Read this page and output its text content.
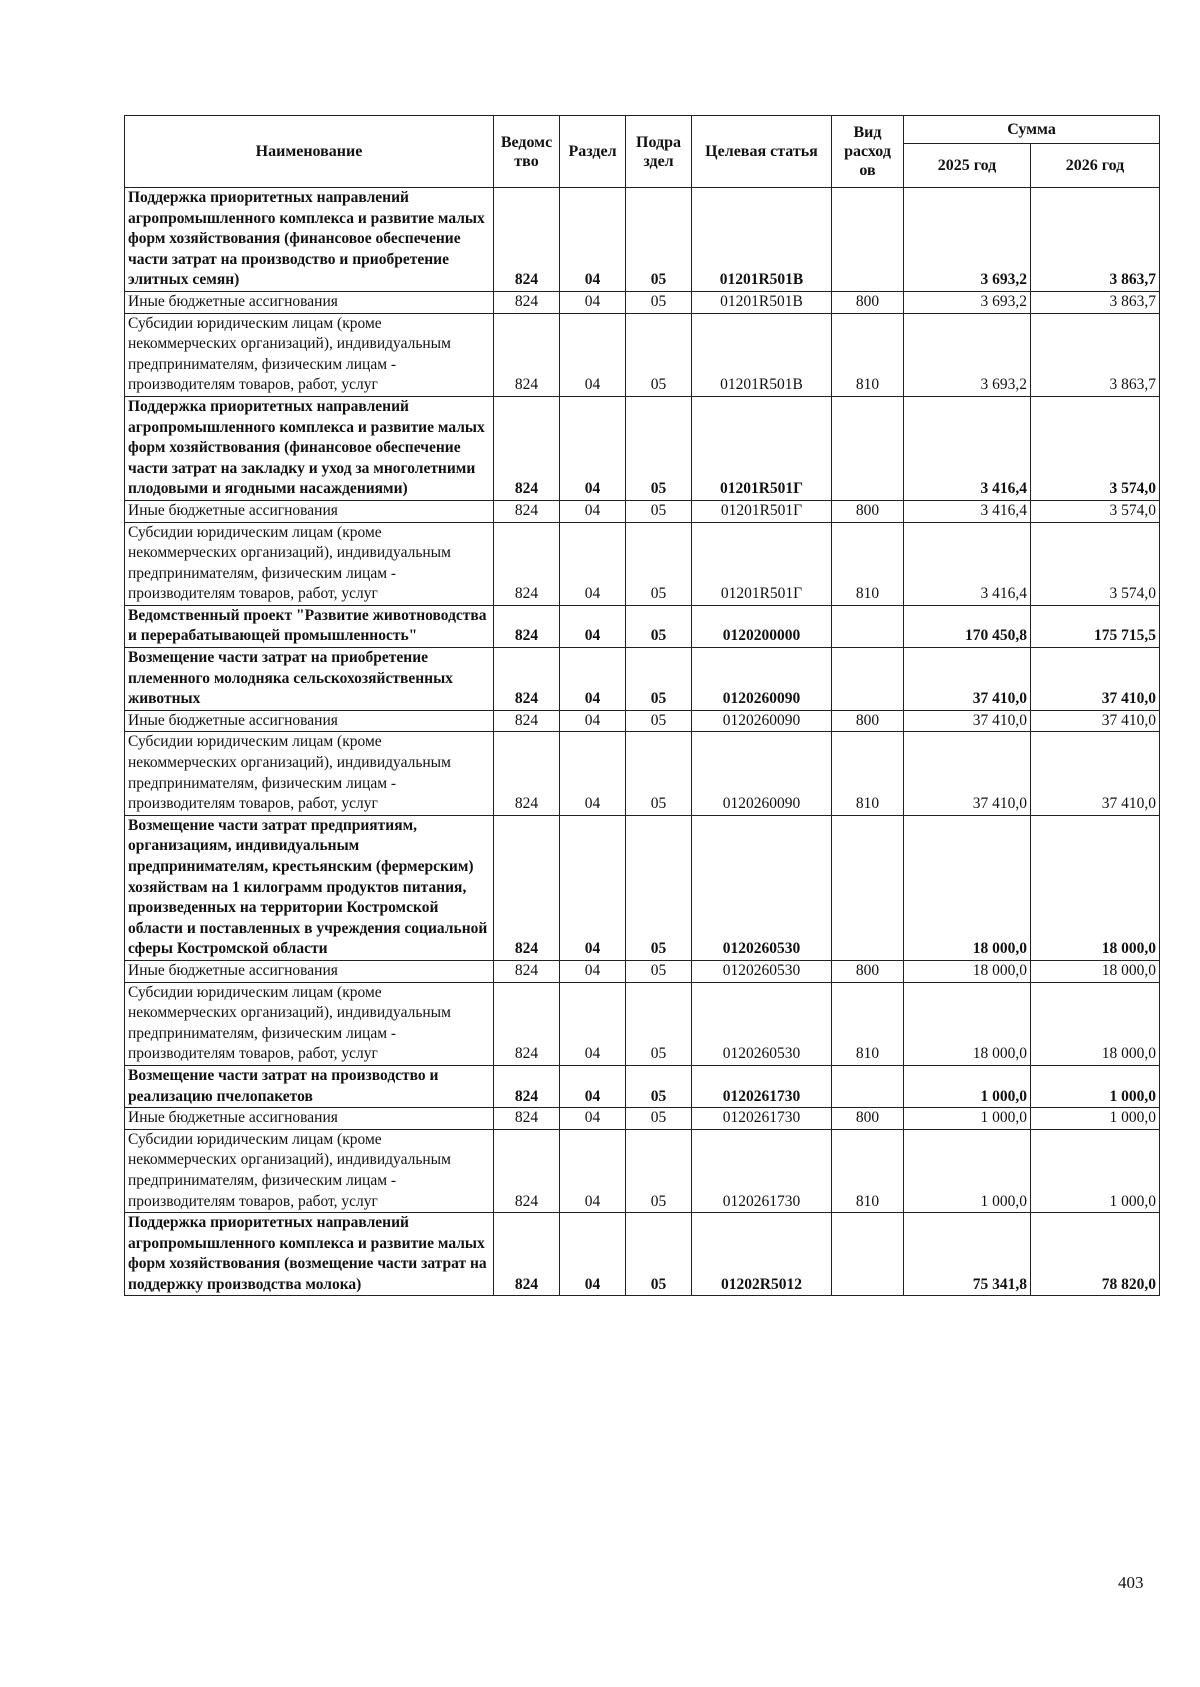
Наименование	Ведомс тво	Раздел	Подра здел	Целевая статья	Вид расход ов	Сумма	
						2025 год	2026 год
Поддержка приоритетных направлений агропромышленного комплекса и развитие малых форм хозяйствования (финансовое обеспечение части затрат на производство и приобретение элитных семян)	824	04	05	01201R501В		3 693,2	3 863,7
Иные бюджетные ассигнования	824	04	05	01201R501В	800	3 693,2	3 863,7
Субсидии юридическим лицам (кроме некоммерческих организаций), индивидуальным предпринимателям, физическим лицам - производителям товаров, работ, услуг	824	04	05	01201R501В	810	3 693,2	3 863,7
Поддержка приоритетных направлений агропромышленного комплекса и развитие малых форм хозяйствования (финансовое обеспечение части затрат на закладку и уход за многолетними плодовыми и ягодными насаждениями)	824	04	05	01201R501Г		3 416,4	3 574,0
Иные бюджетные ассигнования	824	04	05	01201R501Г	800	3 416,4	3 574,0
Субсидии юридическим лицам (кроме некоммерческих организаций), индивидуальным предпринимателям, физическим лицам - производителям товаров, работ, услуг	824	04	05	01201R501Г	810	3 416,4	3 574,0
Ведомственный проект "Развитие животноводства и перерабатывающей промышленность"	824	04	05	0120200000		170 450,8	175 715,5
Возмещение части затрат на приобретение племенного молодняка сельскохозяйственных животных	824	04	05	0120260090		37 410,0	37 410,0
Иные бюджетные ассигнования	824	04	05	0120260090	800	37 410,0	37 410,0
Субсидии юридическим лицам (кроме некоммерческих организаций), индивидуальным предпринимателям, физическим лицам - производителям товаров, работ, услуг	824	04	05	0120260090	810	37 410,0	37 410,0
Возмещение части затрат предприятиям, организациям, индивидуальным предпринимателям, крестьянским (фермерским) хозяйствам на 1 килограмм продуктов питания, произведенных на территории Костромской области и поставленных в учреждения социальной сферы Костромской области	824	04	05	0120260530		18 000,0	18 000,0
Иные бюджетные ассигнования	824	04	05	0120260530	800	18 000,0	18 000,0
Субсидии юридическим лицам (кроме некоммерческих организаций), индивидуальным предпринимателям, физическим лицам - производителям товаров, работ, услуг	824	04	05	0120260530	810	18 000,0	18 000,0
Возмещение части затрат на производство и реализацию пчелопакетов	824	04	05	0120261730		1 000,0	1 000,0
Иные бюджетные ассигнования	824	04	05	0120261730	800	1 000,0	1 000,0
Субсидии юридическим лицам (кроме некоммерческих организаций), индивидуальным предпринимателям, физическим лицам - производителям товаров, работ, услуг	824	04	05	0120261730	810	1 000,0	1 000,0
Поддержка приоритетных направлений агропромышленного комплекса и развитие малых форм хозяйствования (возмещение части затрат на поддержку производства молока)	824	04	05	01202R5012		75 341,8	78 820,0
403
